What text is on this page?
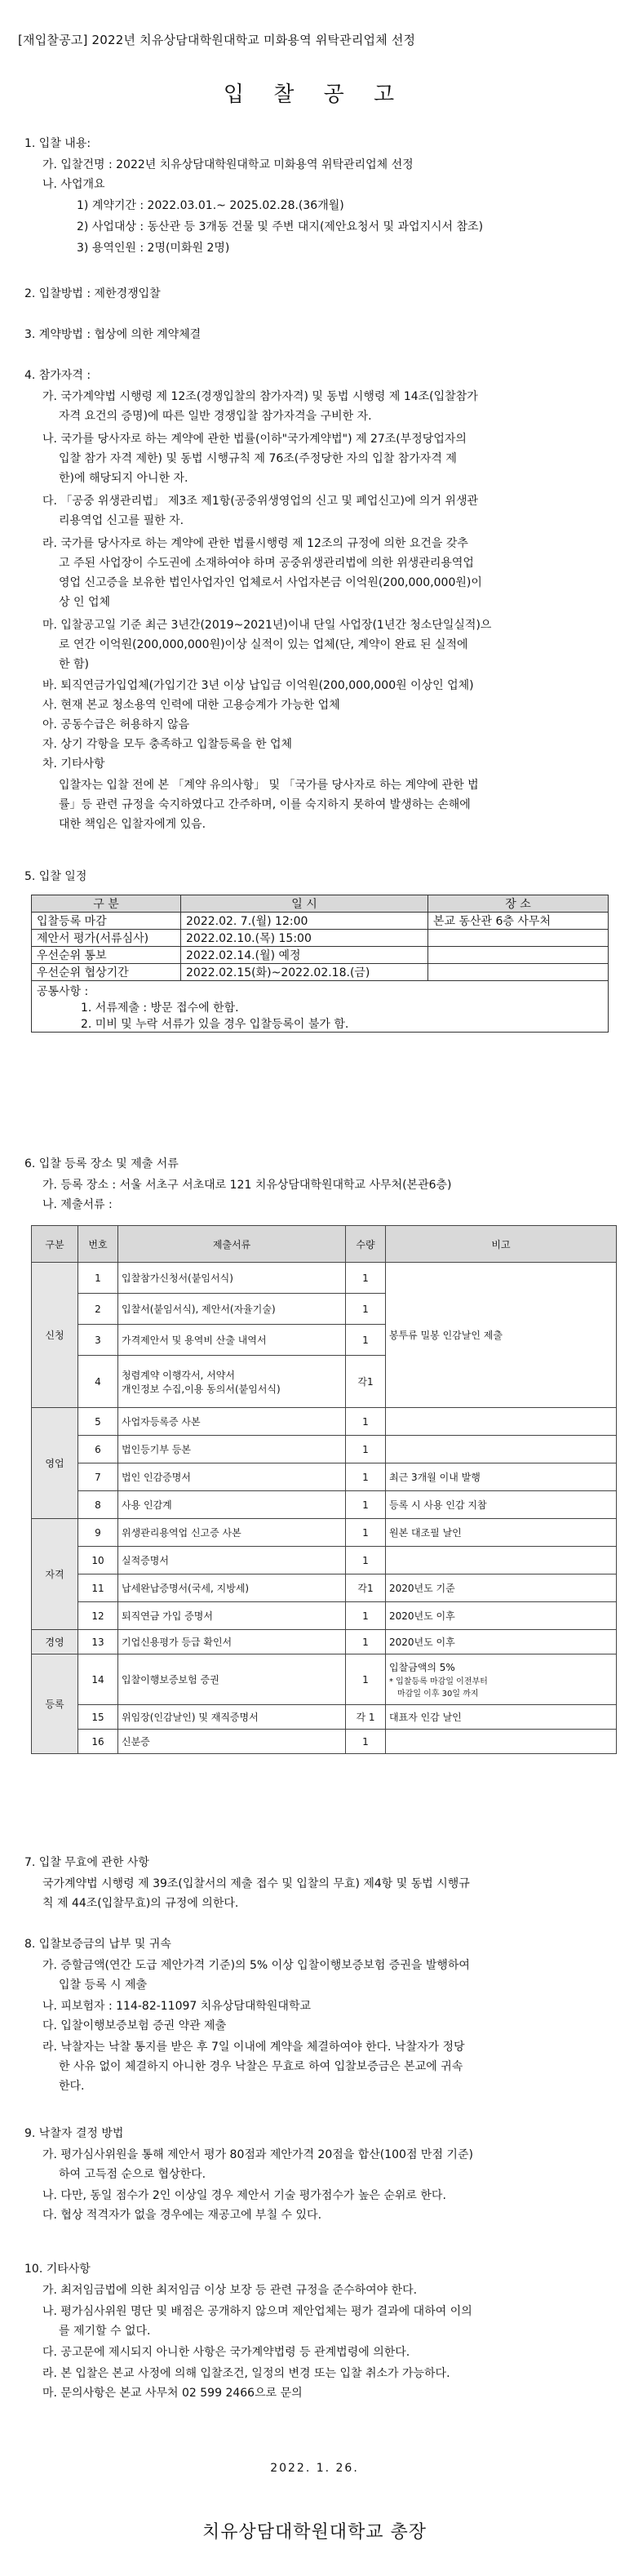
[재입찰공고] 2022년 치유상담대학원대학교 미화용역 위탁관리업체 선정
입 찰 공 고
1. 입찰 내용:
가. 입찰건명 : 2022년 치유상담대학원대학교 미화용역 위탁관리업체 선정
나. 사업개요
1) 계약기간 : 2022.03.01.~ 2025.02.28.(36개월)
2) 사업대상 : 동산관 등 3개동 건물 및 주변 대지(제안요청서 및 과업지시서 참조)
3) 용역인원 : 2명(미화원 2명)
2. 입찰방법 : 제한경쟁입찰
3. 계약방법 : 협상에 의한 계약체결
4. 참가자격 :
가. 국가계약법 시행령 제 12조(경쟁입찰의 참가자격) 및 동법 시행령 제 14조(입찰참가
자격 요건의 증명)에 따른 일반 경쟁입찰 참가자격을 구비한 자.
나. 국가를 당사자로 하는 계약에 관한 법률(이하"국가계약법") 제 27조(부정당업자의
입찰 참가 자격 제한) 및 동법 시행규칙 제 76조(주정당한 자의 입찰 참가자격 제
한)에 해당되지 아니한 자.
다. 「공중 위생관리법」 제3조 제1항(공중위생영업의 신고 및 폐업신고)에 의거 위생관
리용역업 신고를 필한 자.
라. 국가를 당사자로 하는 계약에 관한 법률시행령 제 12조의 규정에 의한 요건을 갖추
고 주된 사업장이 수도권에 소재하여야 하며 공중위생관리법에 의한 위생관리용역업
영업 신고증을 보유한 법인사업자인 업체로서 사업자본금 이억원(200,000,000원)이
상 인 업체
마. 입찰공고일 기준 최근 3년간(2019~2021년)이내 단일 사업장(1년간 청소단일실적)으
로 연간 이억원(200,000,000원)이상 실적이 있는 업체(단, 계약이 완료 된 실적에
한 함)
바. 퇴직연금가입업체(가입기간 3년 이상 납입금 이억원(200,000,000원 이상인 업체)
사. 현재 본교 청소용역 인력에 대한 고용승계가 가능한 업체
아. 공동수급은 허용하지 않음
자. 상기 각항을 모두 충족하고 입찰등록을 한 업체
차. 기타사항
입찰자는 입찰 전에 본 「계약 유의사항」 및 「국가를 당사자로 하는 계약에 관한 법
률」등 관련 규정을 숙지하였다고 간주하며, 이를 숙지하지 못하여 발생하는 손해에
대한 책임은 입찰자에게 있음.
5. 입찰 일정
구 분	일 시	장 소
입찰등록 마감	2022.02. 7.(월) 12:00	본교 동산관 6층 사무처
제안서 평가(서류심사)	2022.02.10.(목) 15:00	
우선순위 통보	2022.02.14.(월) 예정	
우선순위 협상기간	2022.02.15(화)~2022.02.18.(금)	

공통사항 :
1. 서류제출 : 방문 접수에 한함.
2. 미비 및 누락 서류가 있을 경우 입찰등록이 불가 함.		
6. 입찰 등록 장소 및 제출 서류
가. 등록 장소 : 서울 서초구 서초대로 121 치유상담대학원대학교 사무처(본관6층)
나. 제출서류 :
구분	번호	제출서류	수량	비고
신청	1	입찰참가신청서(붙임서식)	1	봉투류 밀봉 인감날인 제출
	2	입찰서(붙임서식), 제안서(자율기술)	1	
	3	가격제안서 및 용역비 산출 내역서	1	
	4	청렴계약 이행각서, 서약서
개인정보 수집,이용 동의서(붙임서식)	각1	
영업	5	사업자등록증 사본	1	
	6	법인등기부 등본	1	
	7	법인 인감증명서	1	최근 3개월 이내 발행
	8	사용 인감계	1	등록 시 사용 인감 지참
자격	9	위생관리용역업 신고증 사본	1	원본 대조필 날인
	10	실적증명서	1	
	11	납세완납증명서(국세, 지방세)	각1	2020년도 기준
	12	퇴직연금 가입 증명서	1	2020년도 이후
경영	13	기업신용평가 등급 확인서	1	2020년도 이후
등록	14	입찰이행보증보험 증권	1	입찰금액의 5%
* 입찰등록 마감일 이전부터
마감일 이후 30일 까지

	15	위임장(인감날인) 및 재직증명서	각 1	대표자 인감 날인
	16	신분증	1	
7. 입찰 무효에 관한 사항
국가계약법 시행령 제 39조(입찰서의 제출 접수 및 입찰의 무효) 제4항 및 동법 시행규
칙 제 44조(입찰무효)의 규정에 의한다.
8. 입찰보증금의 납부 및 귀속
가. 증할금액(연간 도급 제안가격 기준)의 5% 이상 입찰이행보증보험 증권을 발행하여
입찰 등록 시 제출
나. 피보험자 : 114-82-11097 치유상담대학원대학교
다. 입찰이행보증보험 증권 약관 제출
라. 낙찰자는 낙찰 통지를 받은 후 7일 이내에 계약을 체결하여야 한다. 낙찰자가 정당
한 사유 없이 체결하지 아니한 경우 낙찰은 무효로 하여 입찰보증금은 본교에 귀속
한다.
9. 낙찰자 결정 방법
가. 평가심사위원을 통해 제안서 평가 80점과 제안가격 20점을 합산(100점 만점 기준)
하여 고득점 순으로 협상한다.
나. 다만, 동일 점수가 2인 이상일 경우 제안서 기술 평가점수가 높은 순위로 한다.
다. 협상 적격자가 없을 경우에는 재공고에 부칠 수 있다.
10. 기타사항
가. 최저임금법에 의한 최저임금 이상 보장 등 관련 규정을 준수하여야 한다.
나. 평가심사위원 명단 및 배점은 공개하지 않으며 제안업체는 평가 결과에 대하여 이의
를 제기할 수 없다.
다. 공고문에 제시되지 아니한 사항은 국가계약법령 등 관계법령에 의한다.
라. 본 입찰은 본교 사정에 의해 입찰조건, 일정의 변경 또는 입찰 취소가 가능하다.
마. 문의사항은 본교 사무처 02 599 2466으로 문의
2022. 1. 26.
치유상담대학원대학교 총장
